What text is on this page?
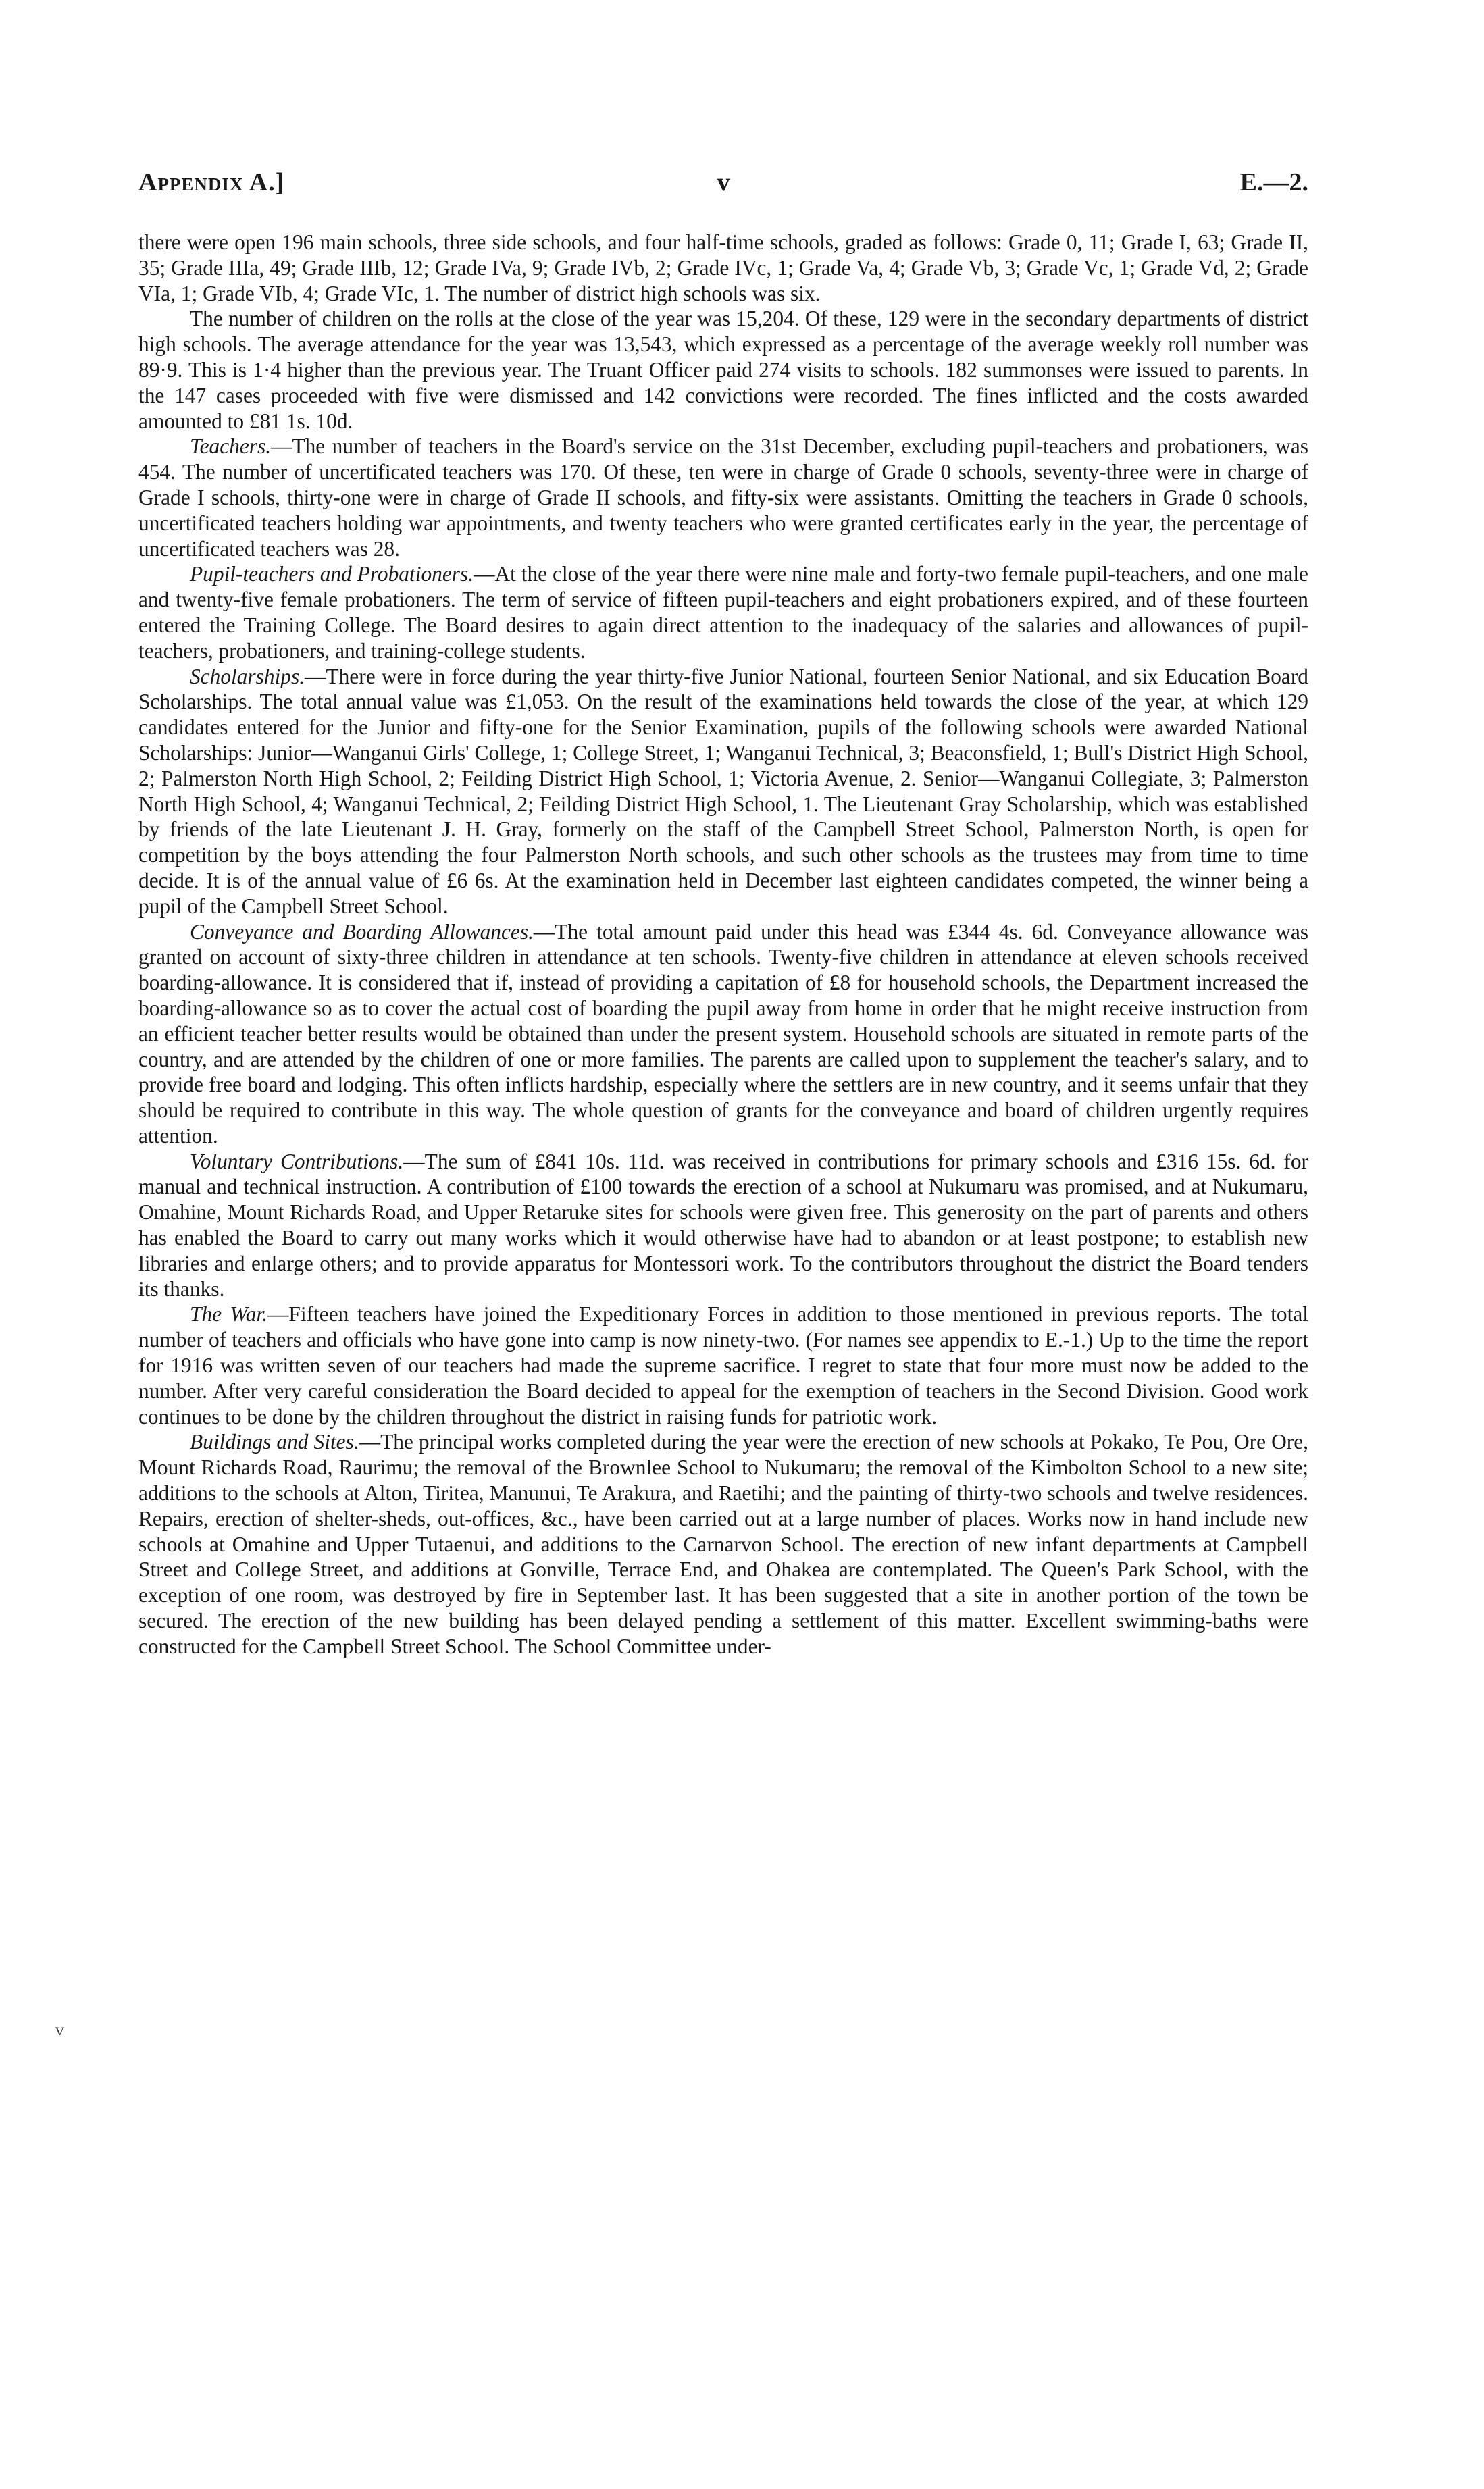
Appendix A.]	v	E.—2.

there were open 196 main schools, three side schools, and four half-time schools, graded as follows: Grade 0, 11; Grade I, 63; Grade II, 35; Grade IIIa, 49; Grade IIIb, 12; Grade IVa, 9; Grade IVb, 2; Grade IVc, 1; Grade Va, 4; Grade Vb, 3; Grade Vc, 1; Grade Vd, 2; Grade VIa, 1; Grade VIb, 4; Grade VIc, 1. The number of district high schools was six.

The number of children on the rolls at the close of the year was 15,204. Of these, 129 were in the secondary departments of district high schools. The average attendance for the year was 13,543, which expressed as a percentage of the average weekly roll number was 89·9. This is 1·4 higher than the previous year. The Truant Officer paid 274 visits to schools. 182 summonses were issued to parents. In the 147 cases proceeded with five were dismissed and 142 convictions were recorded. The fines inflicted and the costs awarded amounted to £81 1s. 10d.

Teachers.—The number of teachers in the Board's service on the 31st December, excluding pupil-teachers and probationers, was 454. The number of uncertificated teachers was 170. Of these, ten were in charge of Grade 0 schools, seventy-three were in charge of Grade I schools, thirty-one were in charge of Grade II schools, and fifty-six were assistants. Omitting the teachers in Grade 0 schools, uncertificated teachers holding war appointments, and twenty teachers who were granted certificates early in the year, the percentage of uncertificated teachers was 28.

Pupil-teachers and Probationers.—At the close of the year there were nine male and forty-two female pupil-teachers, and one male and twenty-five female probationers. The term of service of fifteen pupil-teachers and eight probationers expired, and of these fourteen entered the Training College. The Board desires to again direct attention to the inadequacy of the salaries and allowances of pupil-teachers, probationers, and training-college students.

Scholarships.—There were in force during the year thirty-five Junior National, fourteen Senior National, and six Education Board Scholarships. The total annual value was £1,053. On the result of the examinations held towards the close of the year, at which 129 candidates entered for the Junior and fifty-one for the Senior Examination, pupils of the following schools were awarded National Scholarships: Junior—Wanganui Girls' College, 1; College Street, 1; Wanganui Technical, 3; Beaconsfield, 1; Bull's District High School, 2; Palmerston North High School, 2; Feilding District High School, 1; Victoria Avenue, 2. Senior—Wanganui Collegiate, 3; Palmerston North High School, 4; Wanganui Technical, 2; Feilding District High School, 1. The Lieutenant Gray Scholarship, which was established by friends of the late Lieutenant J. H. Gray, formerly on the staff of the Campbell Street School, Palmerston North, is open for competition by the boys attending the four Palmerston North schools, and such other schools as the trustees may from time to time decide. It is of the annual value of £6 6s. At the examination held in December last eighteen candidates competed, the winner being a pupil of the Campbell Street School.

Conveyance and Boarding Allowances.—The total amount paid under this head was £344 4s. 6d. Conveyance allowance was granted on account of sixty-three children in attendance at ten schools. Twenty-five children in attendance at eleven schools received boarding-allowance. It is considered that if, instead of providing a capitation of £8 for household schools, the Department increased the boarding-allowance so as to cover the actual cost of boarding the pupil away from home in order that he might receive instruction from an efficient teacher better results would be obtained than under the present system. Household schools are situated in remote parts of the country, and are attended by the children of one or more families. The parents are called upon to supplement the teacher's salary, and to provide free board and lodging. This often inflicts hardship, especially where the settlers are in new country, and it seems unfair that they should be required to contribute in this way. The whole question of grants for the conveyance and board of children urgently requires attention.

Voluntary Contributions.—The sum of £841 10s. 11d. was received in contributions for primary schools and £316 15s. 6d. for manual and technical instruction. A contribution of £100 towards the erection of a school at Nukumaru was promised, and at Nukumaru, Omahine, Mount Richards Road, and Upper Retaruke sites for schools were given free. This generosity on the part of parents and others has enabled the Board to carry out many works which it would otherwise have had to abandon or at least postpone; to establish new libraries and enlarge others; and to provide apparatus for Montessori work. To the contributors throughout the district the Board tenders its thanks.

The War.—Fifteen teachers have joined the Expeditionary Forces in addition to those mentioned in previous reports. The total number of teachers and officials who have gone into camp is now ninety-two. (For names see appendix to E.-1.) Up to the time the report for 1916 was written seven of our teachers had made the supreme sacrifice. I regret to state that four more must now be added to the number. After very careful consideration the Board decided to appeal for the exemption of teachers in the Second Division. Good work continues to be done by the children throughout the district in raising funds for patriotic work.

Buildings and Sites.—The principal works completed during the year were the erection of new schools at Pokako, Te Pou, Ore Ore, Mount Richards Road, Raurimu; the removal of the Brownlee School to Nukumaru; the removal of the Kimbolton School to a new site; additions to the schools at Alton, Tiritea, Manunui, Te Arakura, and Raetihi; and the painting of thirty-two schools and twelve residences. Repairs, erection of shelter-sheds, out-offices, &c., have been carried out at a large number of places. Works now in hand include new schools at Omahine and Upper Tutaenui, and additions to the Carnarvon School. The erection of new infant departments at Campbell Street and College Street, and additions at Gonville, Terrace End, and Ohakea are contemplated. The Queen's Park School, with the exception of one room, was destroyed by fire in September last. It has been suggested that a site in another portion of the town be secured. The erection of the new building has been delayed pending a settlement of this matter. Excellent swimming-baths were constructed for the Campbell Street School. The School Committee under-

ⱽ
